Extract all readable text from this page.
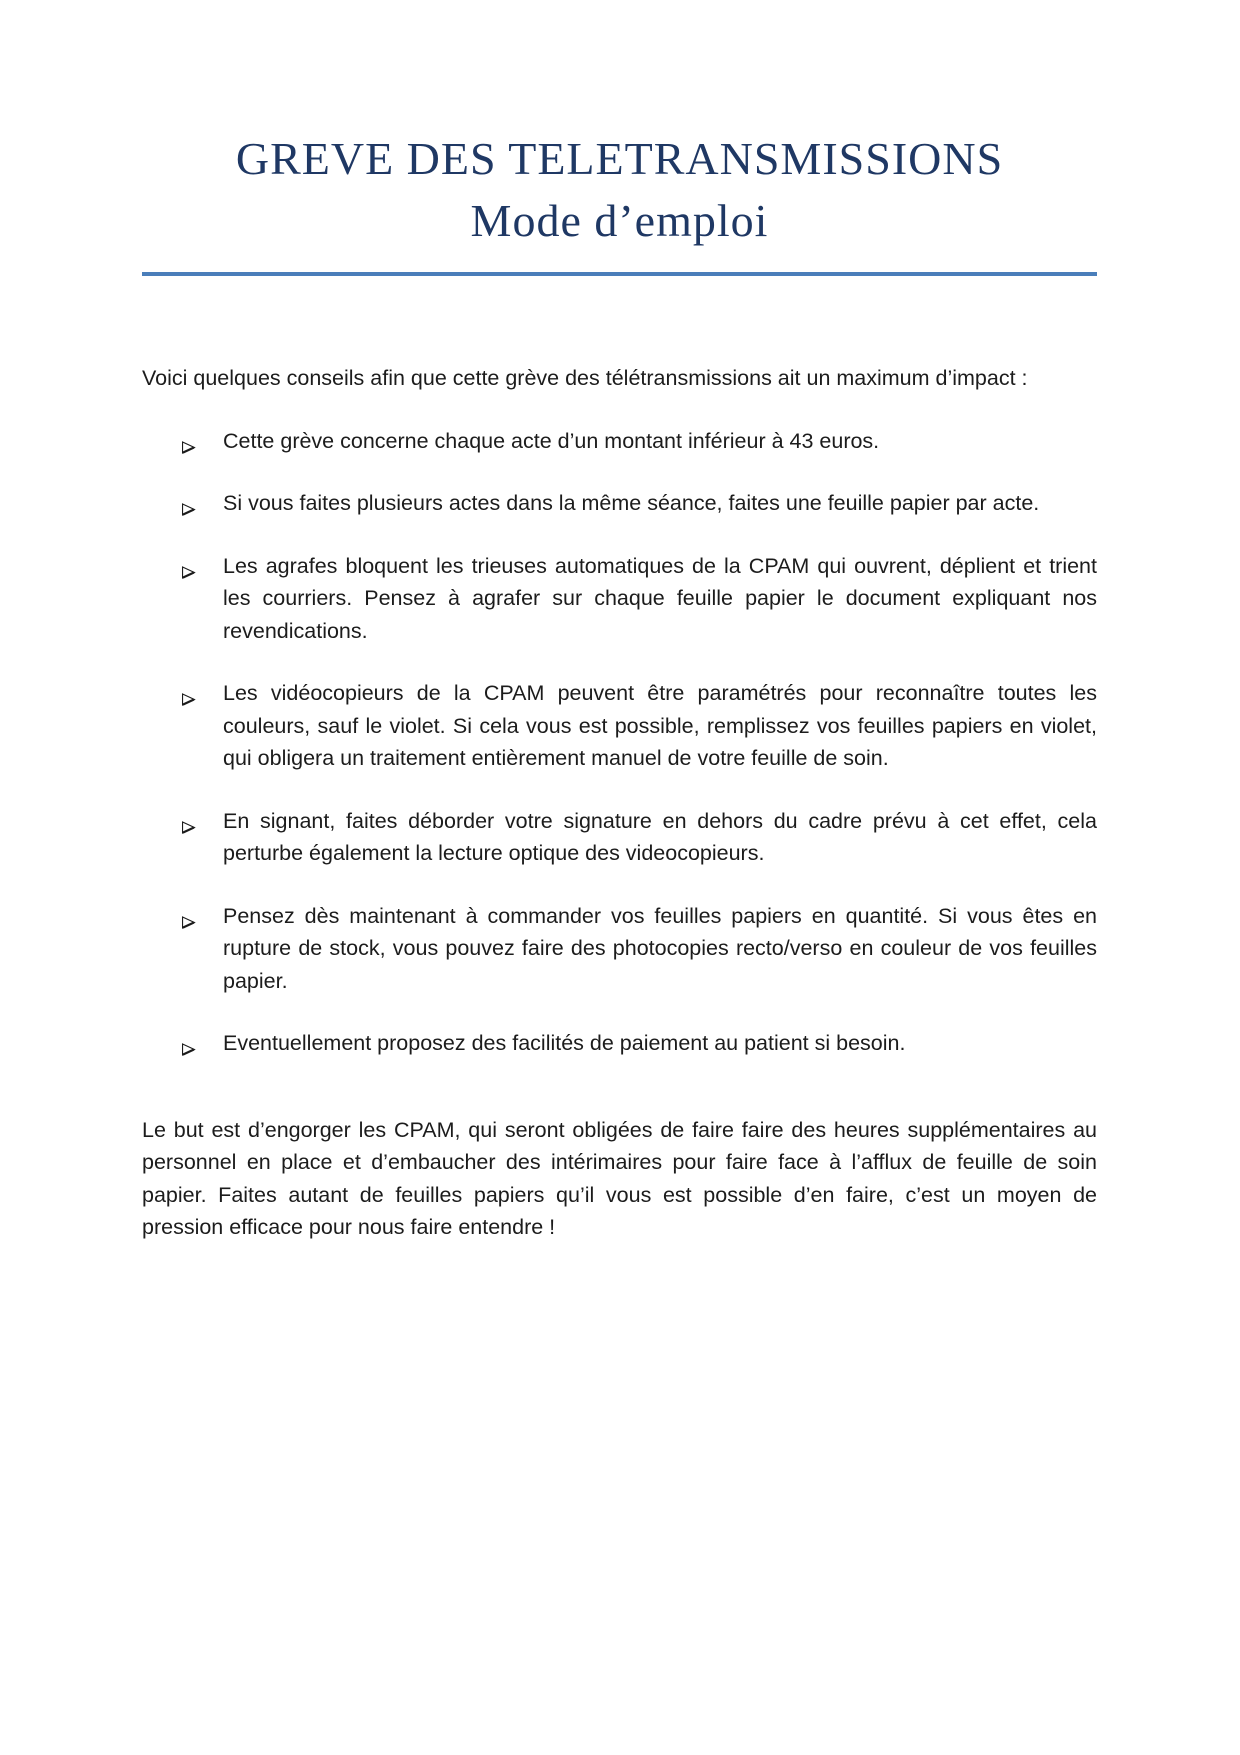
GREVE DES TELETRANSMISSIONS
Mode d’emploi

Voici quelques conseils afin que cette grève des télétransmissions ait un maximum d’impact :

Cette grève concerne chaque acte d’un montant inférieur à 43 euros.
Si vous faites plusieurs actes dans la même séance, faites une feuille papier par acte.
Les agrafes bloquent les trieuses automatiques de la CPAM qui ouvrent, déplient et trient les courriers. Pensez à agrafer sur chaque feuille papier le document expliquant nos revendications.
Les vidéocopieurs de la CPAM peuvent être paramétrés pour reconnaître toutes les couleurs, sauf le violet. Si cela vous est possible, remplissez vos feuilles papiers en violet, qui obligera un traitement entièrement manuel de votre feuille de soin.
En signant, faites déborder votre signature en dehors du cadre prévu à cet effet, cela perturbe également la lecture optique des videocopieurs.
Pensez dès maintenant à commander vos feuilles papiers en quantité. Si vous êtes en rupture de stock, vous pouvez faire des photocopies recto/verso en couleur de vos feuilles papier.
Eventuellement proposez des facilités de paiement au patient si besoin.

Le but est d’engorger les CPAM, qui seront obligées de faire faire des heures supplémentaires au personnel en place et d’embaucher des intérimaires pour faire face à l’afflux de feuille de soin papier. Faites autant de feuilles papiers qu’il vous est possible d’en faire, c’est un moyen de pression efficace pour nous faire entendre !
